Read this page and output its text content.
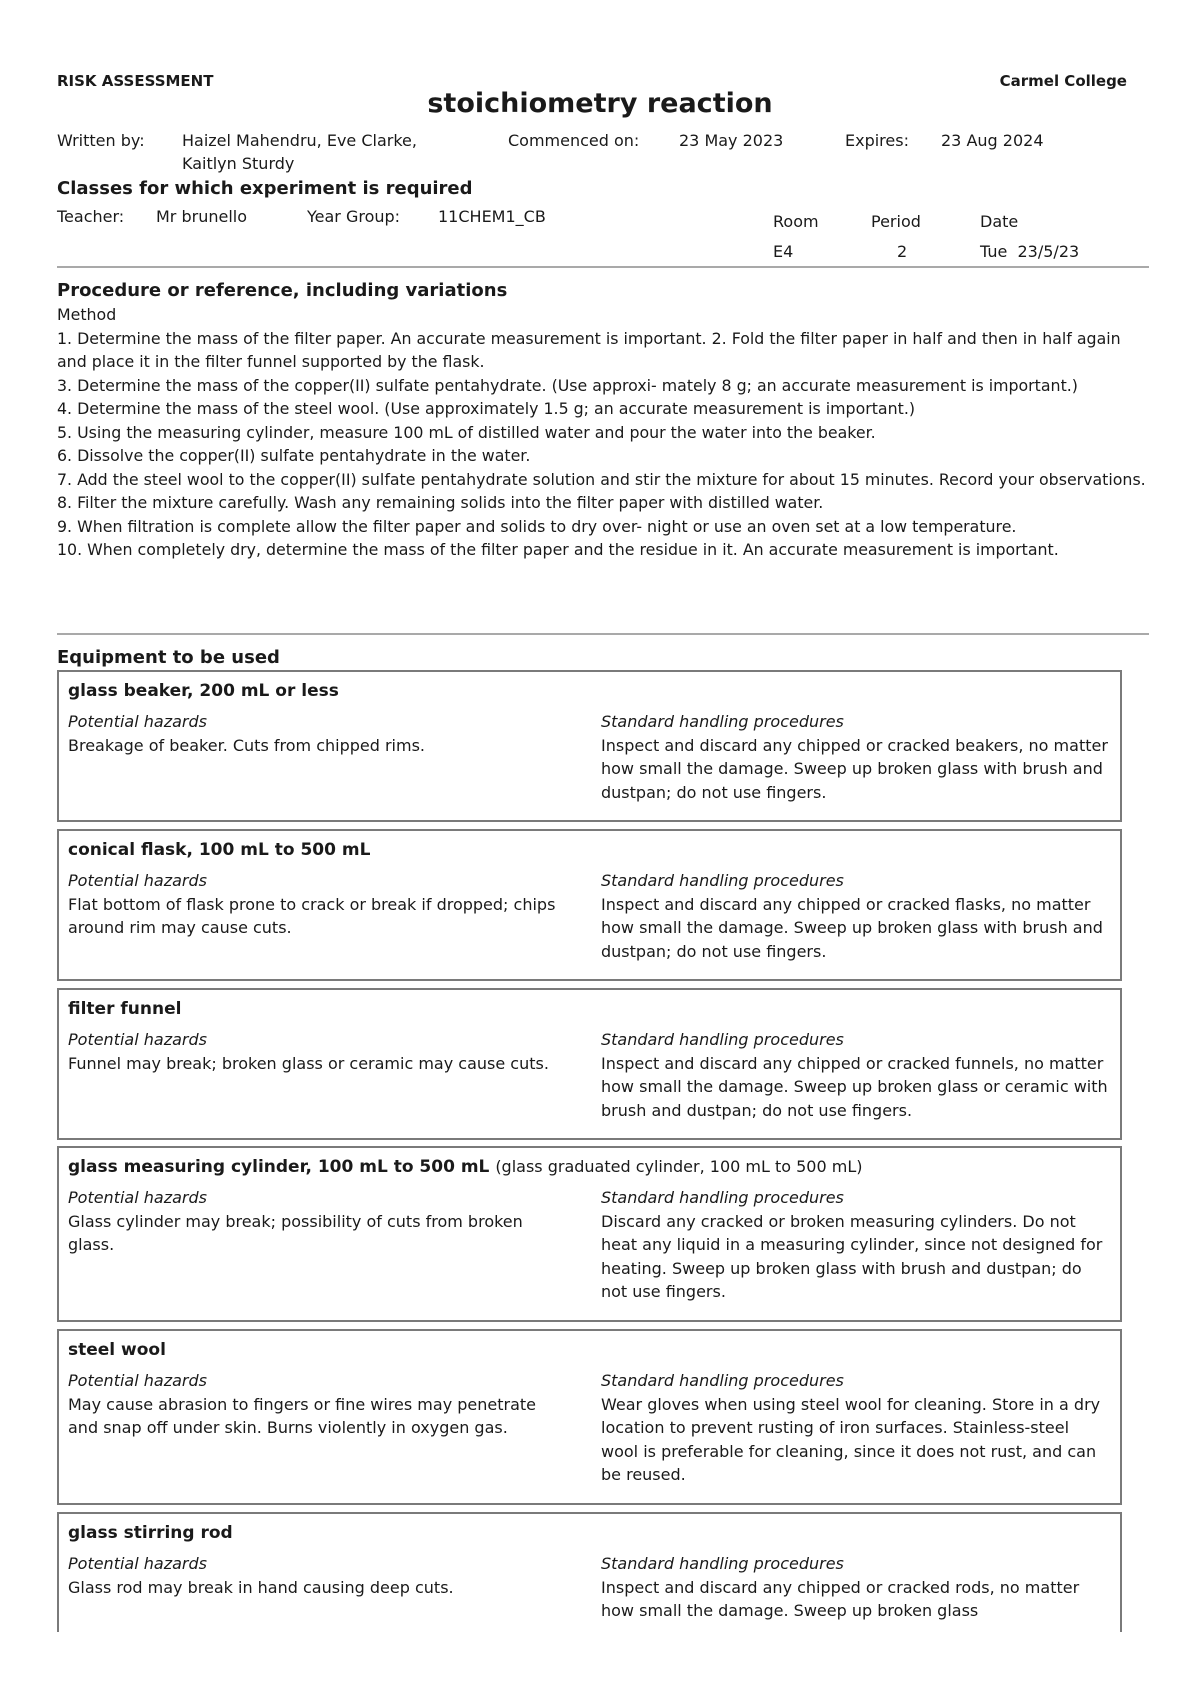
RISK ASSESSMENT	Carmel College
stoichiometry reaction
Written by: Haizel Mahendru, Eve Clarke,
Kaitlyn Sturdy
Commenced on: 23 May 2023	Expires: 23 Aug 2024
Classes for which experiment is required
Teacher: Mr brunello	Year Group: 11CHEM1_CB	Room	Period	Date
E4	2	Tue  23/5/23
Procedure or reference, including variations

Method

1. Determine the mass of the filter paper. An accurate measurement is important. 2. Fold the filter paper in half and then in half again and place it in the filter funnel supported by the flask.

3. Determine the mass of the copper(II) sulfate pentahydrate. (Use approxi- mately 8 g; an accurate measurement is important.)

4. Determine the mass of the steel wool. (Use approximately 1.5 g; an accurate measurement is important.)

5. Using the measuring cylinder, measure 100 mL of distilled water and pour the water into the beaker.

6. Dissolve the copper(II) sulfate pentahydrate in the water.

7. Add the steel wool to the copper(II) sulfate pentahydrate solution and stir the mixture for about 15 minutes. Record your observations.

8. Filter the mixture carefully. Wash any remaining solids into the filter paper with distilled water.

9. When filtration is complete allow the filter paper and solids to dry over- night or use an oven set at a low temperature.

10. When completely dry, determine the mass of the filter paper and the residue in it. An accurate measurement is important.

Equipment to be used
glass beaker, 200 mL or less
Potential hazards

Breakage of beaker. Cuts from chipped rims.

Standard handling procedures

Inspect and discard any chipped or cracked beakers, no matter how small the damage. Sweep up broken glass with brush and dustpan; do not use fingers.

conical flask, 100 mL to 500 mL
Potential hazards

Flat bottom of flask prone to crack or break if dropped; chips around rim may cause cuts.

Standard handling procedures

Inspect and discard any chipped or cracked flasks, no matter how small the damage. Sweep up broken glass with brush and dustpan; do not use fingers.

filter funnel
Potential hazards

Funnel may break; broken glass or ceramic may cause cuts.

Standard handling procedures

Inspect and discard any chipped or cracked funnels, no matter how small the damage. Sweep up broken glass or ceramic with brush and dustpan; do not use fingers.

glass measuring cylinder, 100 mL to 500 mL (glass graduated cylinder, 100 mL to 500 mL)
Potential hazards

Glass cylinder may break; possibility of cuts from broken glass.

Standard handling procedures

Discard any cracked or broken measuring cylinders. Do not heat any liquid in a measuring cylinder, since not designed for heating. Sweep up broken glass with brush and dustpan; do not use fingers.

steel wool
Potential hazards

May cause abrasion to fingers or fine wires may penetrate and snap off under skin. Burns violently in oxygen gas.

Standard handling procedures

Wear gloves when using steel wool for cleaning. Store in a dry location to prevent rusting of iron surfaces. Stainless-steel wool is preferable for cleaning, since it does not rust, and can be reused.

glass stirring rod
Potential hazards

Glass rod may break in hand causing deep cuts.

Standard handling procedures

Inspect and discard any chipped or cracked rods, no matter how small the damage. Sweep up broken glass
